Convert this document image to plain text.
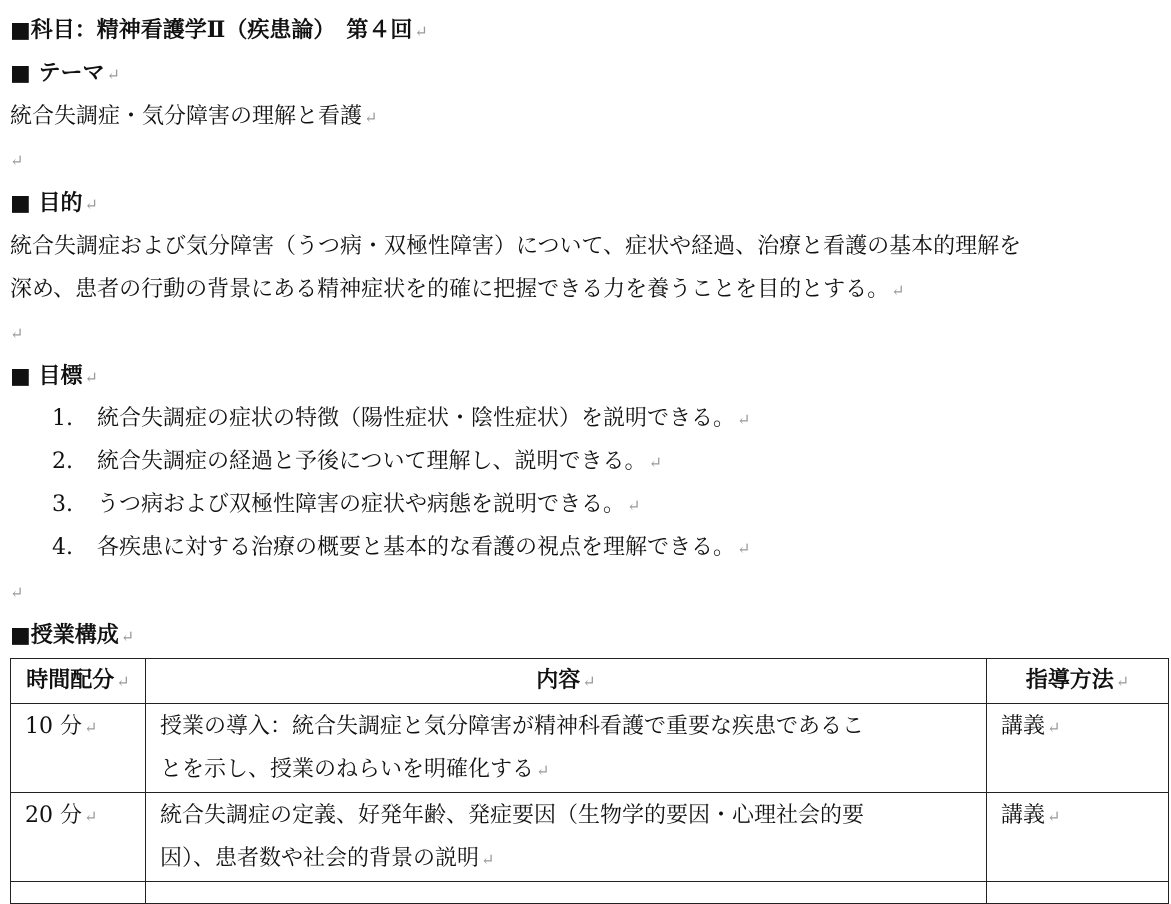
■科目：精神看護学Ⅱ（疾患論）　第４回 ↵
■ テーマ ↵
統合失調症・気分障害の理解と看護 ↵
↵
■ 目的 ↵
統合失調症および気分障害（うつ病・双極性障害）について、症状や経過、治療と看護の基本的理解を
深め、患者の行動の背景にある精神症状を的確に把握できる力を養うことを目的とする。 ↵
↵
■ 目標 ↵
1. 統合失調症の症状の特徴（陽性症状・陰性症状）を説明できる。 ↵
2. 統合失調症の経過と予後について理解し、説明できる。 ↵
3. うつ病および双極性障害の症状や病態を説明できる。 ↵
4. 各疾患に対する治療の概要と基本的な看護の視点を理解できる。 ↵
↵
■授業構成 ↵
時間配分 ↵	内容 ↵	指導方法 ↵
10 分 ↵	授業の導入：統合失調症と気分障害が精神科看護で重要な疾患であるこ
とを示し、授業のねらいを明確化する ↵	講義 ↵
20 分 ↵	統合失調症の定義、好発年齢、発症要因（生物学的要因・心理社会的要
因）、患者数や社会的背景の説明 ↵	講義 ↵
